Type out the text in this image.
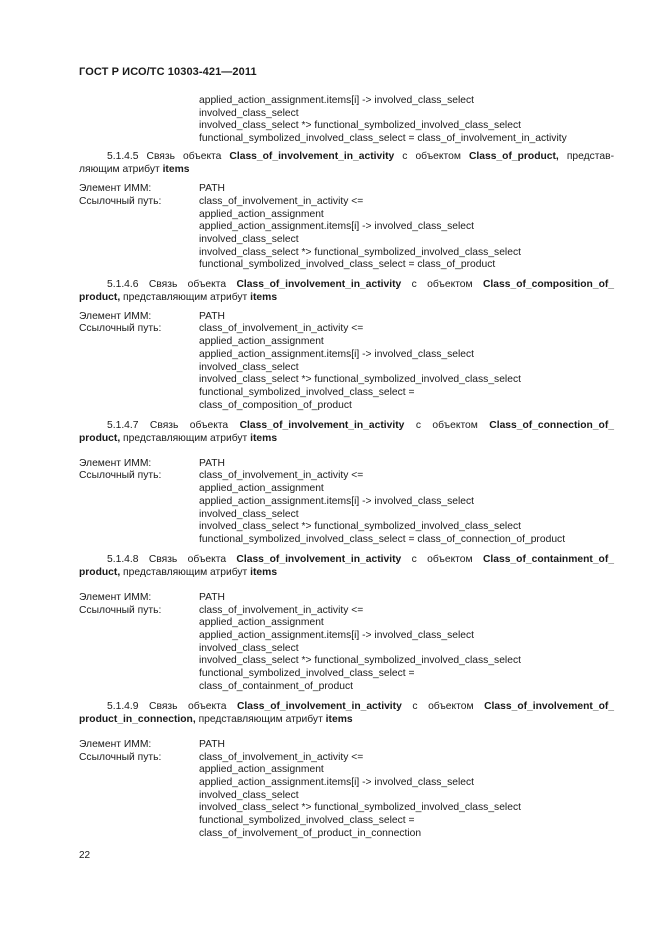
ГОСТ Р ИСО/ТС 10303-421—2011
applied_action_assignment.items[i] -> involved_class_select
involved_class_select
involved_class_select *> functional_symbolized_involved_class_select
functional_symbolized_involved_class_select = class_of_involvement_in_activity
5.1.4.5 Связь объекта Class_of_involvement_in_activity с объектом Class_of_product, представ-
ляющим атрибут items
Элемент ИММ:	PATH
Ссылочный путь:	class_of_involvement_in_activity <=
applied_action_assignment
applied_action_assignment.items[i] -> involved_class_select
involved_class_select
involved_class_select *> functional_symbolized_involved_class_select
functional_symbolized_involved_class_select = class_of_product
5.1.4.6 Связь объекта Class_of_involvement_in_activity с объектом Class_of_composition_of_
product, представляющим атрибут items
Элемент ИММ:	PATH
Ссылочный путь:	class_of_involvement_in_activity <=
applied_action_assignment
applied_action_assignment.items[i] -> involved_class_select
involved_class_select
involved_class_select *> functional_symbolized_involved_class_select
functional_symbolized_involved_class_select =
class_of_composition_of_product
5.1.4.7 Связь объекта Class_of_involvement_in_activity с объектом Class_of_connection_of_
product, представляющим атрибут items
Элемент ИММ:	PATH
Ссылочный путь:	class_of_involvement_in_activity <=
applied_action_assignment
applied_action_assignment.items[i] -> involved_class_select
involved_class_select
involved_class_select *> functional_symbolized_involved_class_select
functional_symbolized_involved_class_select = class_of_connection_of_product
5.1.4.8 Связь объекта Class_of_involvement_in_activity с объектом Class_of_containment_of_
product, представляющим атрибут items
Элемент ИММ:	PATH
Ссылочный путь:	class_of_involvement_in_activity <=
applied_action_assignment
applied_action_assignment.items[i] -> involved_class_select
involved_class_select
involved_class_select *> functional_symbolized_involved_class_select
functional_symbolized_involved_class_select =
class_of_containment_of_product
5.1.4.9 Связь объекта Class_of_involvement_in_activity с объектом Class_of_involvement_of_
product_in_connection, представляющим атрибут items
Элемент ИММ:	PATH
Ссылочный путь:	class_of_involvement_in_activity <=
applied_action_assignment
applied_action_assignment.items[i] -> involved_class_select
involved_class_select
involved_class_select *> functional_symbolized_involved_class_select
functional_symbolized_involved_class_select =
class_of_involvement_of_product_in_connection
22
